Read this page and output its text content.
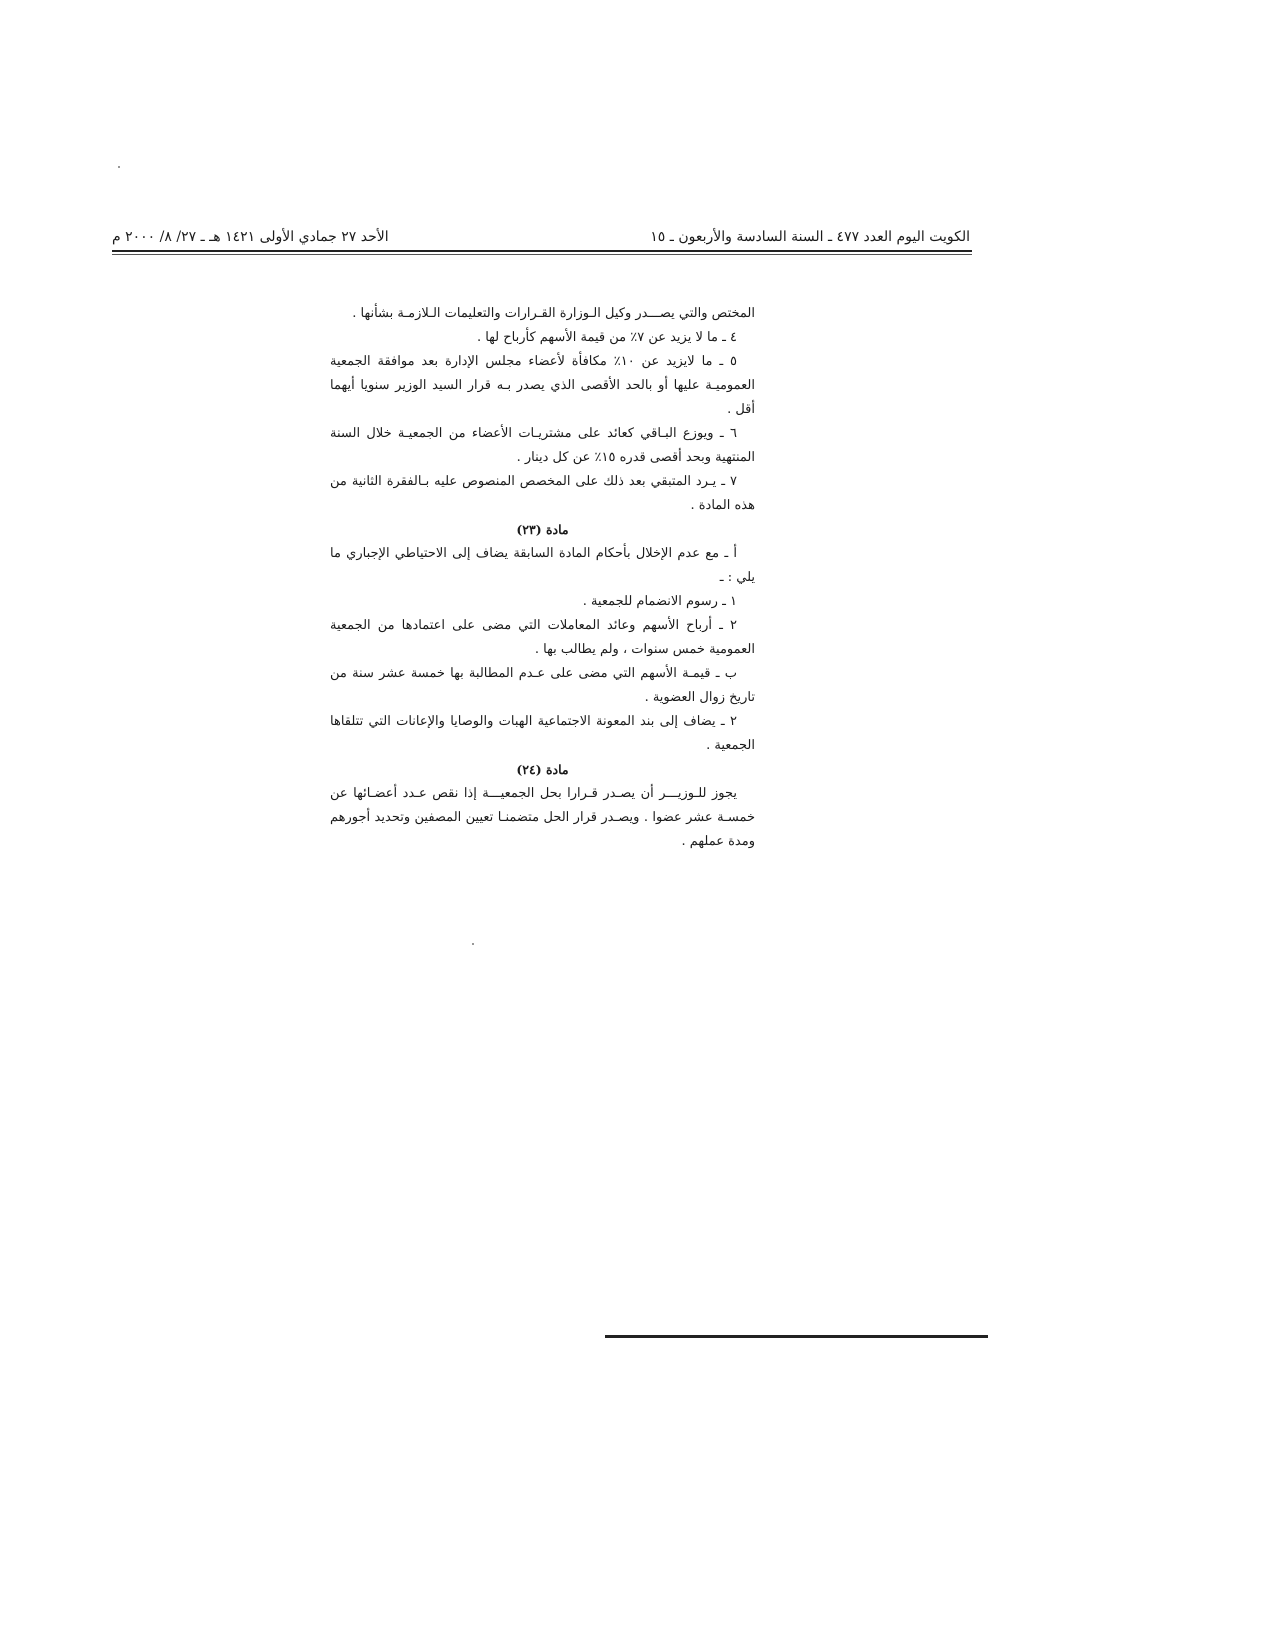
الكويت اليوم العدد ٤٧٧ ـ السنة السادسة والأربعون ـ ١٥
الأحد ٢٧ جمادي الأولى ١٤٢١ هـ ـ ٢٧/ ٨/ ٢٠٠٠ م

المختص والتي يصـــدر وكيل الـوزارة القـرارات والتعليمات الـلازمـة بشأنها .

٤ ـ ما لا يزيد عن ٧٪ من قيمة الأسهم كأرباح لها .

٥ ـ ما لايزيد عن ١٠٪ مكافأة لأعضاء مجلس الإدارة بعد موافقة الجمعية العموميـة عليها أو بالحد الأقصى الذي يصدر بـه قرار السيد الوزير سنويا أيهما أقل .

٦ ـ ويوزع البـاقي كعائد على مشتريـات الأعضاء من الجمعيـة خلال السنة المنتهية وبحد أقصى قدره ١٥٪ عن كل دينار .

٧ ـ يـرد المتبقي بعد ذلك على المخصص المنصوص عليه بـالفقرة الثانية من هذه المادة .

مادة (٢٣)

أ ـ مع عدم الإخلال بأحكام المادة السابقة يضاف إلى الاحتياطي الإجباري ما يلي : ـ

١ ـ رسوم الانضمام للجمعية .

٢ ـ أرباح الأسهم وعائد المعاملات التي مضى على اعتمادها من الجمعية العمومية خمس سنوات ، ولم يطالب بها .

ب ـ قيمـة الأسهم التي مضى على عـدم المطالبة بها خمسة عشر سنة من تاريخ زوال العضوية .

٢ ـ يضاف إلى بند المعونة الاجتماعية الهبات والوصايا والإعانات التي تتلقاها الجمعية .

مادة (٢٤)

يجوز للـوزيـــر أن يصـدر قـرارا بحل الجمعيـــة إذا نقص عـدد أعضـائها عن خمسـة عشر عضوا . ويصـدر قرار الحل متضمنـا تعيين المصفين وتحديد أجورهم ومدة عملهم .
